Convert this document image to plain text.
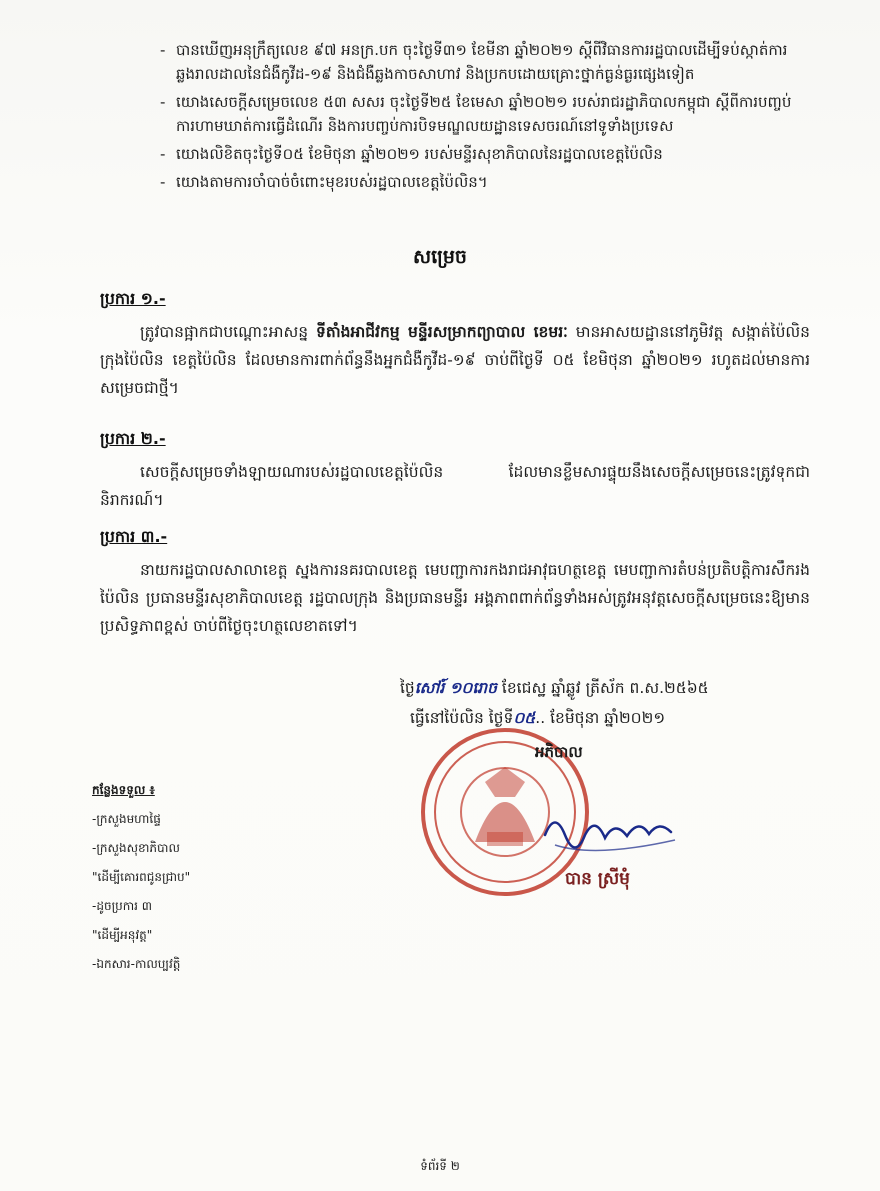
- បានឃើញអនុក្រឹត្យលេខ ៩៧ អនក្រ.បក ចុះថ្ងៃទី៣១ ខែមីនា ឆ្នាំ២០២១ ស្តីពីវិធានការរដ្ឋបាលដើម្បីទប់ស្កាត់ការឆ្លងរាលដាលនៃជំងឺកូវីដ-១៩ និងជំងឺឆ្លងកាចសាហាវ និងប្រកបដោយគ្រោះថ្នាក់ធ្ងន់ធ្ងរផ្សេងទៀត
- យោងសេចក្តីសម្រេចលេខ ៥៣ សសរ ចុះថ្ងៃទី២៥ ខែមេសា ឆ្នាំ២០២១ របស់រាជរដ្ឋាភិបាលកម្ពុជា ស្តីពីការបញ្ចប់ការហាមឃាត់ការធ្វើដំណើរ និងការបញ្ចប់ការបិទមណ្ឌលយដ្ឋានទេសចរណ៍នៅទូទាំងប្រទេស
- យោងលិខិតចុះថ្ងៃទី០៥ ខែមិថុនា ឆ្នាំ២០២១ របស់មន្ទីរសុខាភិបាលនៃរដ្ឋបាលខេត្តប៉ៃលិន
- យោងតាមការចាំបាច់ចំពោះមុខរបស់រដ្ឋបាលខេត្តប៉ៃលិន។
សម្រេច
ប្រការ ១.-
ត្រូវបានផ្អាកជាបណ្តោះអាសន្ន ទីតាំងអាជីវកម្ម មន្ទីរសម្រាកព្យាបាល ខេមរៈ មានអាសយដ្ឋាននៅភូមិវត្ត សង្កាត់ប៉ៃលិន ក្រុងប៉ៃលិន ខេត្តប៉ៃលិន ដែលមានការពាក់ព័ន្ធនឹងអ្នកជំងឺកូវីដ-១៩ ចាប់ពីថ្ងៃទី ០៥ ខែមិថុនា ឆ្នាំ២០២១ រហូតដល់មានការសម្រេចជាថ្មី។
ប្រការ ២.-
សេចក្តីសម្រេចទាំងឡាយណារបស់រដ្ឋបាលខេត្តប៉ៃលិន ដែលមានខ្លឹមសារផ្ទុយនឹងសេចក្តីសម្រេចនេះត្រូវទុកជានិរាករណ៍។
ប្រការ ៣.-
នាយករដ្ឋបាលសាលាខេត្ត ស្នងការនគរបាលខេត្ត មេបញ្ជាការកងរាជអាវុធហត្ថខេត្ត មេបញ្ជាការតំបន់ប្រតិបត្តិការសឹករងប៉ៃលិន ប្រធានមន្ទីរសុខាភិបាលខេត្ត រដ្ឋបាលក្រុង និងប្រធានមន្ទីរ អង្គភាពពាក់ព័ន្ធទាំងអស់ត្រូវអនុវត្តសេចក្តីសម្រេចនេះឱ្យមានប្រសិទ្ធភាពខ្ពស់ ចាប់ពីថ្ងៃចុះហត្ថលេខាតទៅ។
ថ្ងៃសៅរ៍ ១០រោច ខែជេស្ឋ ឆ្នាំឆ្លូវ ត្រីស័ក ព.ស.២៥៦៥
ធ្វើនៅប៉ៃលិន ថ្ងៃទី០៥.. ខែមិថុនា ឆ្នាំ២០២១
អភិបាល
បាន ស្រីមុំ
កន្លែងទទួល ៖
-ក្រសួងមហាផ្ទៃ
-ក្រសួងសុខាភិបាល
"ដើម្បីគោរពជូនជ្រាប"
-ដូចប្រការ ៣
"ដើម្បីអនុវត្ត"
-ឯកសារ-កាលប្បវត្តិ
ទំព័រទី ២
